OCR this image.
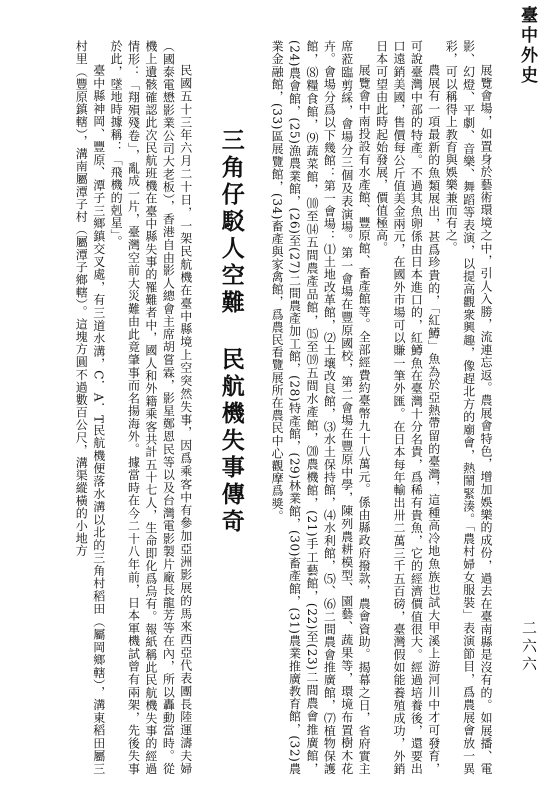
臺中外史
二六六

展覽會場，如置身於藝術環境之中，引人入勝，流連忘返。農展會特色，增加娛樂的成份，過去在臺南縣是沒有的。如展播、電影、幻燈、平劇、音樂、舞蹈等表演，以提高觀衆興趣，像趕北方的廟會，熱鬧緊湊。「農村婦女服裝」表演節目，爲農展會放一異彩，可以稱得上教育與娛樂兼而有之。

農展有一項最新的魚類展出，甚爲珍貴的，「紅鱒」魚為於亞熱帶留的臺灣，這種高冷地魚族也試大甲溪上游河川中才可發育，可說臺灣中部的特產。不過其魚卵係由日本進口的，紅鱒魚在臺灣十分名貴，爲稀有貴魚，它的經濟價值很大。經過培養後，還要出口遠銷美國，售價每公斤值美金兩元，在國外市場可以賺一筆外匯。在日本每年輸出卅二萬三千五百磅，臺灣假如能養殖成功，外銷日本可望由此時起始發展，價值極高。

展覽會中南投設有水產館、豐原館、畜產館等。全部經費約臺幣九十八萬元。係由縣政府撥款，農會資助。揭幕之日，省府實主席蒞臨剪綵，會場分三個及表演場。第一會場在豐原國校，第二會場在豐原中學，陳列農耕模型、園藝、蔬果等，環境布置樹木花卉。會場分爲以下幾館：第一會場：⑴土地改革館，⑵土壤改良館，⑶水土保持館，⑷水利館，⑸、⑹二間農會推廣館，⑺植物保護館，⑻糧食館，⑼蔬菜館，⑽至⒁五間農產品館，⒂至⒆五間水產館，⒇農機館，(21)手工藝館，(22)至(23)二間農會推廣館，(24)農會館，(25)漁農業館，(26)至(27)二間農產加工館，(28)特產館，(29)林業館，(30)畜產館，(31)農業推廣教育館，(32)農業金融館，(33)區展覽館，(34)畜產與家禽館，爲農民看覽展所在農民中心觀摩爲獎。

三角仔駁人空難民航機失事傳奇

民國五十三年六月二十日，一架民航機在臺中縣境上空突然失事，因爲乘客中有參加亞洲影展的馬來西亞代表團長陸運濤夫婦（國泰電懋影業公司大老板），香港自由影人總會主席胡嘗霖，影星鄭恩民等以及台灣電影製片廠長龍芳等在內，所以轟動當時。從機上遺骸確認此次民航班機在臺中縣失事的罹難者中，國人和外籍乘客共計五十七人，生命即化爲烏有。報紙稱此民航機失事的經過情形：「翔殞殘卷」，亂成一片，臺灣空前大災難由此竟肇事而名揚海外。據當時在今二十八年前，日本軍機試曾有兩架，先後失事於此，墜地時據稱：「飛機的剋星」。

臺中縣神岡、豐原、潭子三鄉鎮交叉處，有三道水溝，C．A．T民航機便落水溝以北的三角村稻田（屬岡鄉轄），溝東稻田屬三村里（豐原鎮轄），溝南屬潭子村（屬潭子鄉轄）。這塊方圓不過數百公尺，溝渠縱橫的小地方
